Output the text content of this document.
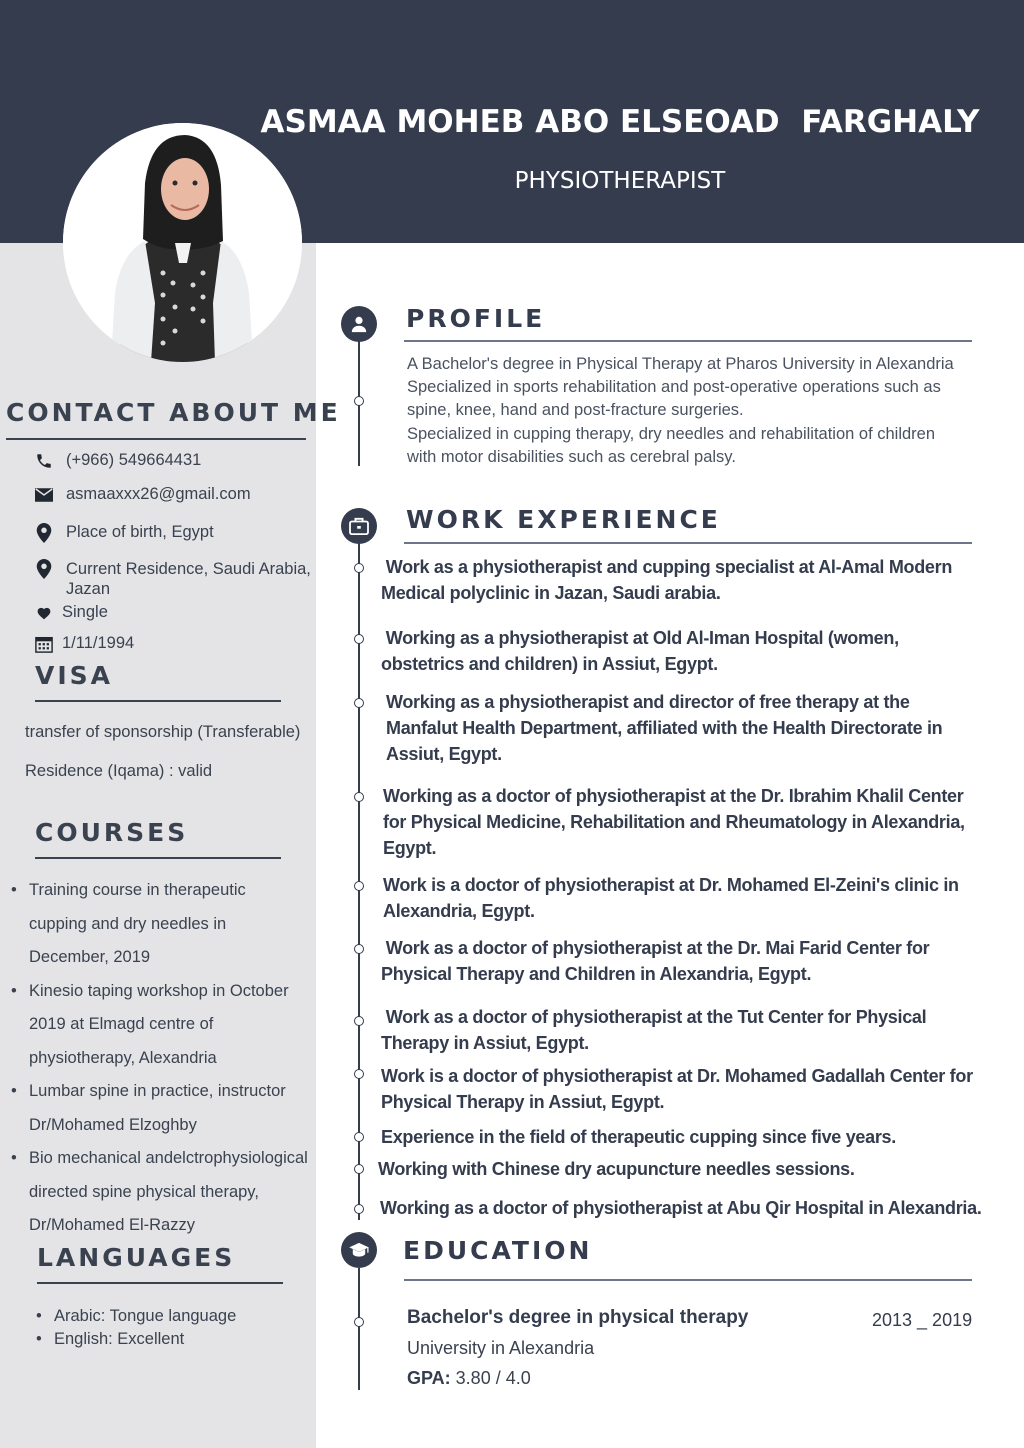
ASMAA MOHEB ABO ELSEOAD  FARGHALY
PHYSIOTHERAPIST
CONTACT ABOUT ME
(+966) 549664431
asmaaxxx26@gmail.com
Place of birth, Egypt
Current Residence, Saudi Arabia,
Jazan
Single
1/11/1994
VISA
transfer of sponsorship (Transferable)
Residence (Iqama) : valid
COURSES
• Training course in therapeutic
cupping and dry needles in
December, 2019
• Kinesio taping workshop in October
2019 at Elmagd centre of
physiotherapy, Alexandria
• Lumbar spine in practice, instructor
Dr/Mohamed Elzoghby
• Bio mechanical andelctrophysiological
directed spine physical therapy,
Dr/Mohamed El-Razzy
LANGUAGES
• Arabic: Tongue language
• English: Excellent
PROFILE
A Bachelor's degree in Physical Therapy at Pharos University in Alexandria
Specialized in sports rehabilitation and post-operative operations such as
spine, knee, hand and post-fracture surgeries.
Specialized in cupping therapy, dry needles and rehabilitation of children
with motor disabilities such as cerebral palsy.
WORK EXPERIENCE
Work as a physiotherapist and cupping specialist at Al-Amal Modern
Medical polyclinic in Jazan, Saudi arabia.
Working as a physiotherapist at Old Al-Iman Hospital (women,
obstetrics and children) in Assiut, Egypt.
Working as a physiotherapist and director of free therapy at the
Manfalut Health Department, affiliated with the Health Directorate in
Assiut, Egypt.
Working as a doctor of physiotherapist at the Dr. Ibrahim Khalil Center
for Physical Medicine, Rehabilitation and Rheumatology in Alexandria,
Egypt.
Work is a doctor of physiotherapist at Dr. Mohamed El-Zeini's clinic in
Alexandria, Egypt.
Work as a doctor of physiotherapist at the Dr. Mai Farid Center for
Physical Therapy and Children in Alexandria, Egypt.
Work as a doctor of physiotherapist at the Tut Center for Physical
Therapy in Assiut, Egypt.
Work is a doctor of physiotherapist at Dr. Mohamed Gadallah Center for
Physical Therapy in Assiut, Egypt.
Experience in the field of therapeutic cupping since five years.
Working with Chinese dry acupuncture needles sessions.
Working as a doctor of physiotherapist at Abu Qir Hospital in Alexandria.
EDUCATION
Bachelor's degree in physical therapy	2013 _ 2019
University in Alexandria
GPA: 3.80 / 4.0
